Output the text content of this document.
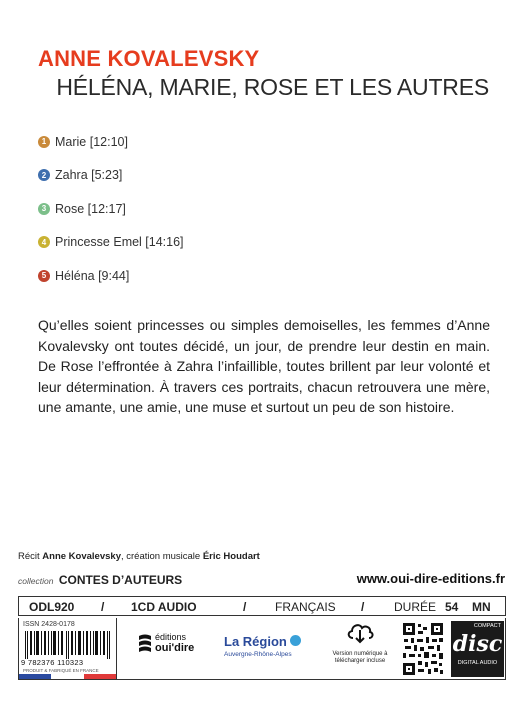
ANNE KOVALEVSKY
HÉLÉNA, MARIE, ROSE ET LES AUTRES
1 Marie [12:10]
2 Zahra [5:23]
3 Rose [12:17]
4 Princesse Emel [14:16]
5 Héléna [9:44]

Qu’elles soient princesses ou simples demoiselles, les femmes d’Anne Kovalevsky ont toutes décidé, un jour, de prendre leur destin en main. De Rose l’effrontée à Zahra l’infaillible, toutes brillent par leur volonté et leur détermination. À travers ces portraits, chacun retrouvera une mère, une amante, une amie, une muse et surtout un peu de son histoire.

Récit Anne Kovalevsky, création musicale Éric Houdart
collection CONTES D’AUTEURS	www.oui-dire-editions.fr
ODL920 / 1CD AUDIO	/ FRANÇAIS / DURÉE 54 MN
ISSN 2428-0178
9 782376 110323
PRODUIT & FABRIQUÉ EN FRANCE
éditions
oui'dire La Région
Auvergne-Rhône-Alpes	Version numérique à télécharger incluse
COMPACT
disc
DIGITAL AUDIO
